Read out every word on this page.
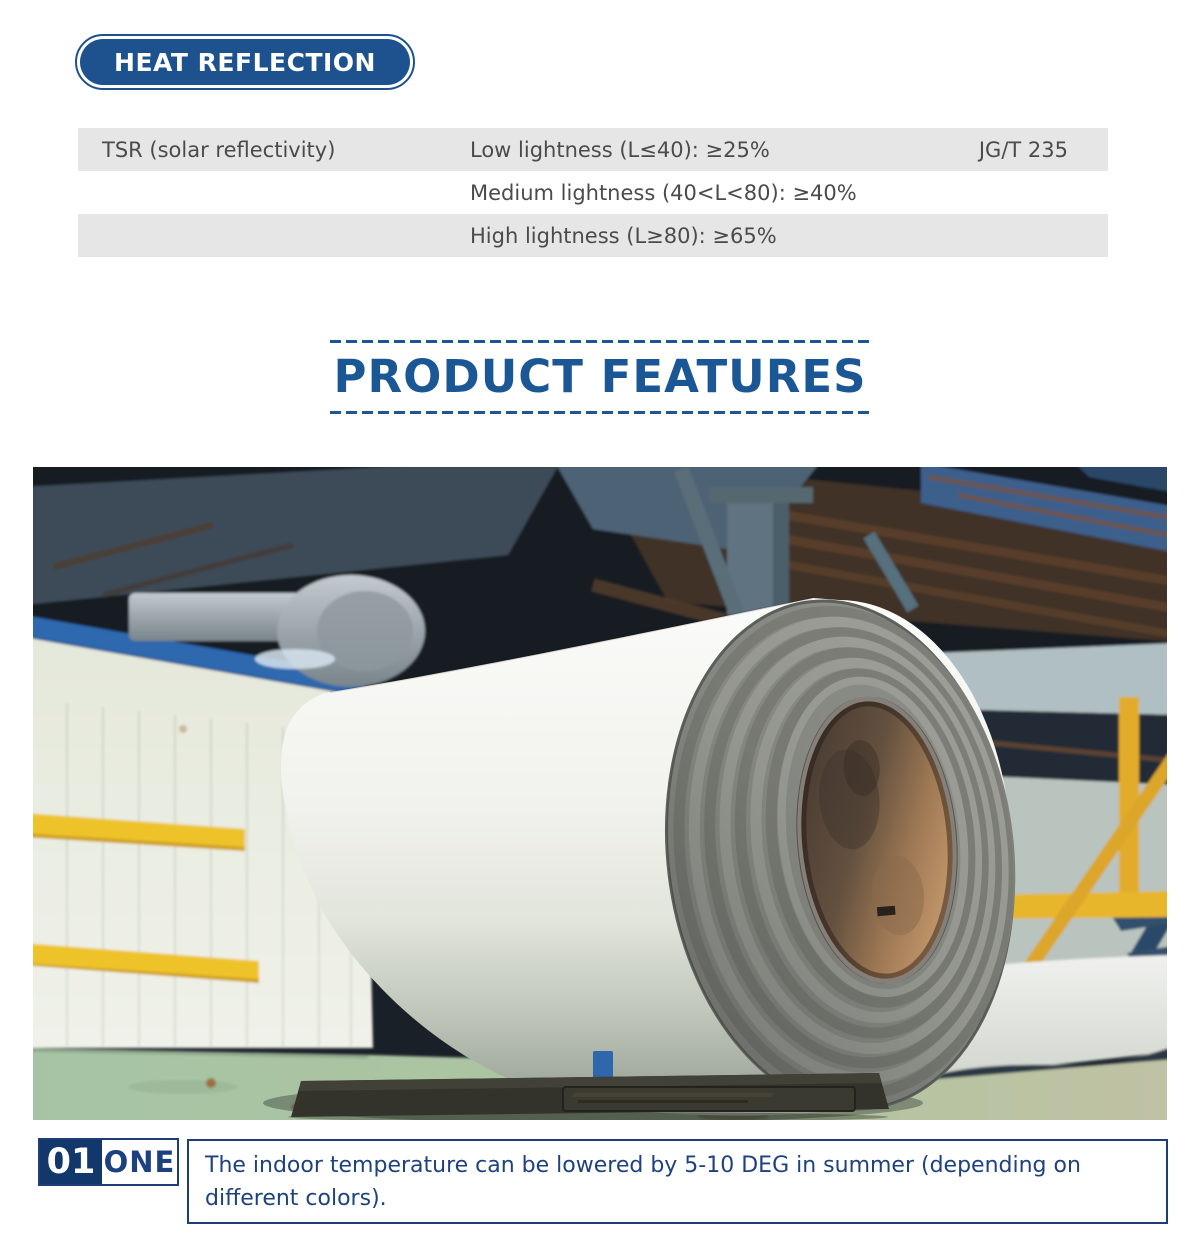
HEAT REFLECTION
TSR (solar reflectivity)	Low lightness (L≤40): ≥25%	JG/T 235
Medium lightness (40<L<80): ≥40%
High lightness (L≥80): ≥65%
PRODUCT FEATURES
01 ONE The indoor temperature can be lowered by 5-10 DEG in summer (depending on different colors).
